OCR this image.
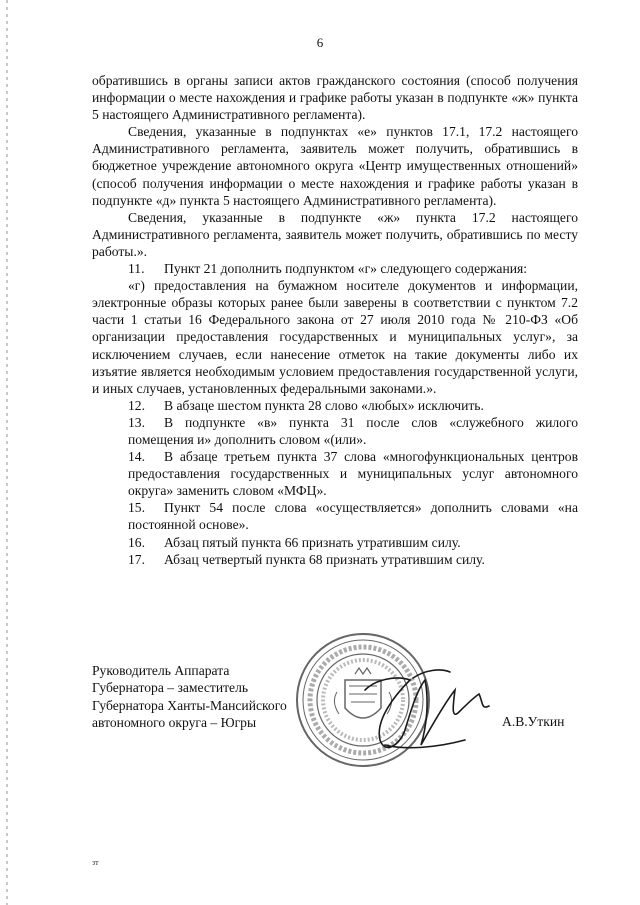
6

обратившись в органы записи актов гражданского состояния (способ получения информации о месте нахождения и графике работы указан в подпункте «ж» пункта 5 настоящего Административного регламента).

Сведения, указанные в подпунктах «е» пунктов 17.1, 17.2 настоящего Административного регламента, заявитель может получить, обратившись в бюджетное учреждение автономного округа «Центр имущественных отношений» (способ получения информации о месте нахождения и графике работы указан в подпункте «д» пункта 5 настоящего Административного регламента).

Сведения, указанные в подпункте «ж» пункта 17.2 настоящего Административного регламента, заявитель может получить, обратившись по месту работы.».

11. Пункт 21 дополнить подпунктом «г» следующего содержания:

«г) предоставления на бумажном носителе документов и информации, электронные образы которых ранее были заверены в соответствии с пунктом 7.2 части 1 статьи 16 Федерального закона от 27 июля 2010 года № 210-ФЗ «Об организации предоставления государственных и муниципальных услуг», за исключением случаев, если нанесение отметок на такие документы либо их изъятие является необходимым условием предоставления государственной услуги, и иных случаев, установленных федеральными законами.».

12. В абзаце шестом пункта 28 слово «любых» исключить.

13. В подпункте «в» пункта 31 после слов «служебного жилого помещения и» дополнить словом «(или».

14. В абзаце третьем пункта 37 слова «многофункциональных центров предоставления государственных и муниципальных услуг автономного округа» заменить словом «МФЦ».

15. Пункт 54 после слова «осуществляется» дополнить словами «на постоянной основе».

16. Абзац пятый пункта 66 признать утратившим силу.

17. Абзац четвертый пункта 68 признать утратившим силу.

Руководитель Аппарата
Губернатора – заместитель
Губернатора Ханты-Мансийского
автономного округа – Югры	А.В.Уткин
зт
